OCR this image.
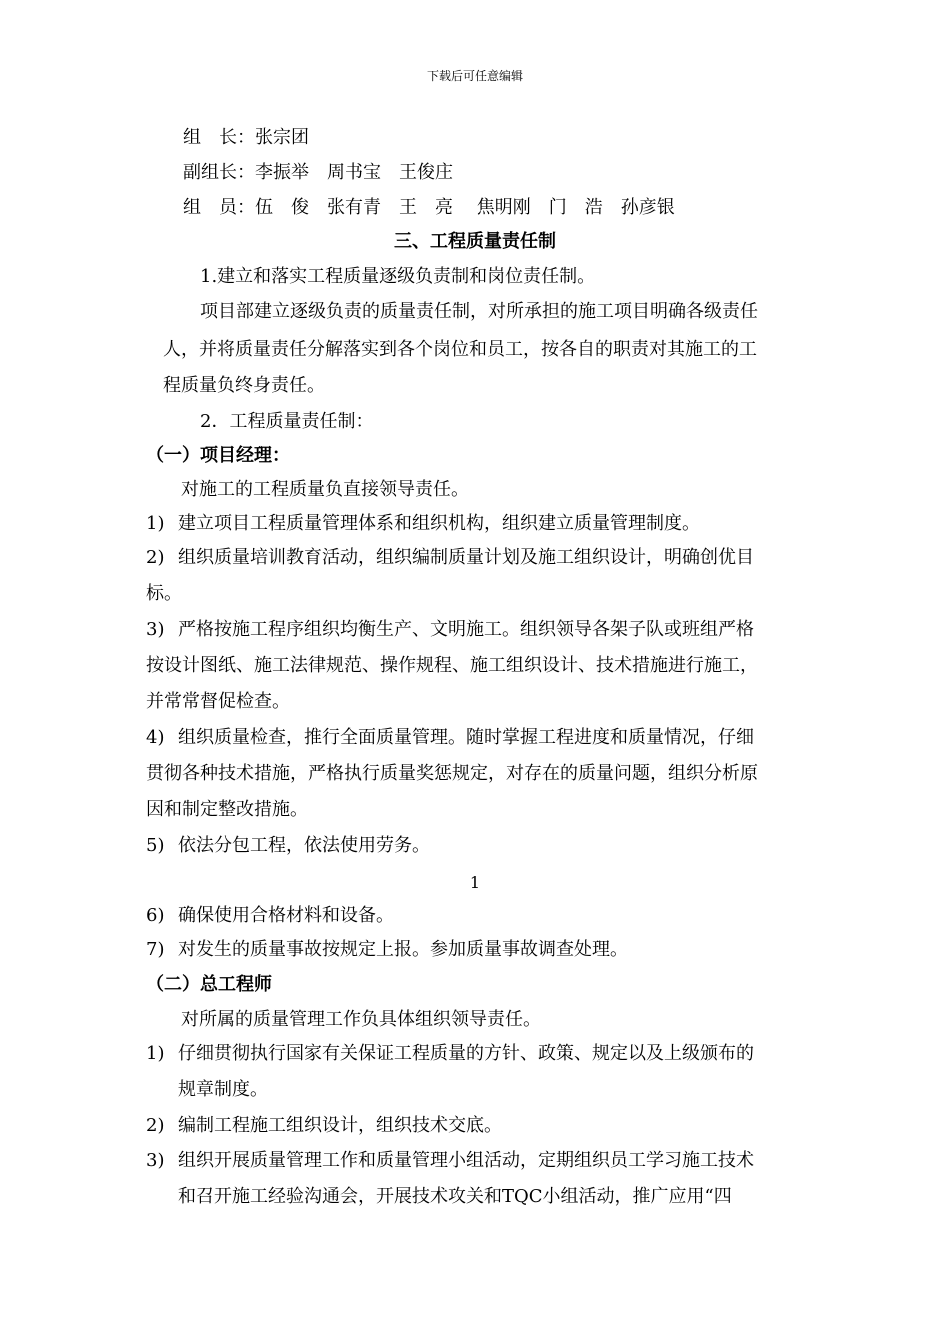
下载后可任意编辑
组　长：张宗团
副组长：李振举　周书宝　王俊庄
组　员：伍　俊　张有青　王　亮　 焦明刚　门　浩　孙彦银
三、工程质量责任制
1.建立和落实工程质量逐级负责制和岗位责任制。
项目部建立逐级负责的质量责任制，对所承担的施工项目明确各级责任
人，并将质量责任分解落实到各个岗位和员工，按各自的职责对其施工的工
程质量负终身责任。
2．工程质量责任制：
（一）项目经理：
对施工的工程质量负直接领导责任。
1) 建立项目工程质量管理体系和组织机构，组织建立质量管理制度。
2) 组织质量培训教育活动，组织编制质量计划及施工组织设计，明确创优目
标。
3) 严格按施工程序组织均衡生产、文明施工。组织领导各架子队或班组严格
按设计图纸、施工法律规范、操作规程、施工组织设计、技术措施进行施工，
并常常督促检查。
4) 组织质量检查，推行全面质量管理。随时掌握工程进度和质量情况，仔细
贯彻各种技术措施，严格执行质量奖惩规定，对存在的质量问题，组织分析原
因和制定整改措施。
5) 依法分包工程，依法使用劳务。
1
6) 确保使用合格材料和设备。
7) 对发生的质量事故按规定上报。参加质量事故调查处理。
（二）总工程师
对所属的质量管理工作负具体组织领导责任。
1) 仔细贯彻执行国家有关保证工程质量的方针、政策、规定以及上级颁布的
规章制度。
2) 编制工程施工组织设计，组织技术交底。
3) 组织开展质量管理工作和质量管理小组活动，定期组织员工学习施工技术
和召开施工经验沟通会，开展技术攻关和TQC小组活动，推广应用“四
